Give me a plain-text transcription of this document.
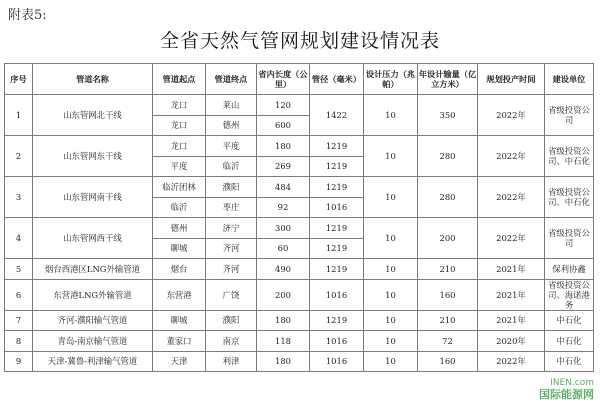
附表5:
全省天然气管网规划建设情况表
序号	管道名称	管道起点	管道终点	省内长度（公里）	管径（毫米）	设计压力（兆帕）	年设计输量（亿立方米）	规划投产时间	建设单位
1	山东管网北干线	龙口	莱山	120	1422	10	350	2022年	省级投资公司
		龙口	德州	600					
2	山东管网东干线	龙口	平度	180	1219	10	280	2022年	省级投资公司、中石化
		平度	临沂	269	1219				
3	山东管网南干线	临沂团林	濮阳	484	1219	10	280	2022年	省级投资公司、中石化
		临沂	枣庄	92	1016				
4	山东管网西干线	德州	济宁	300	1219	10	200	2022年	省级投资公司
		聊城	齐河	60	1219				
5	烟台西港区LNG外输管道	烟台	齐河	490	1219	10	210	2021年	保利协鑫
6	东营港LNG外输管道	东营港	广饶	200	1016	10	160	2021年	省级投资公司、海诺港务
7	齐河-濮阳输气管道	聊城	濮阳	180	1219	10	210	2021年	中石化
8	青岛-南京输气管道	董家口	南京	118	1016	10	72	2020年	中石化
9	天津-冀鲁-利津输气管道	天津	利津	180	1016	10	160	2022年	中石化
INEN.com
国际能源网
